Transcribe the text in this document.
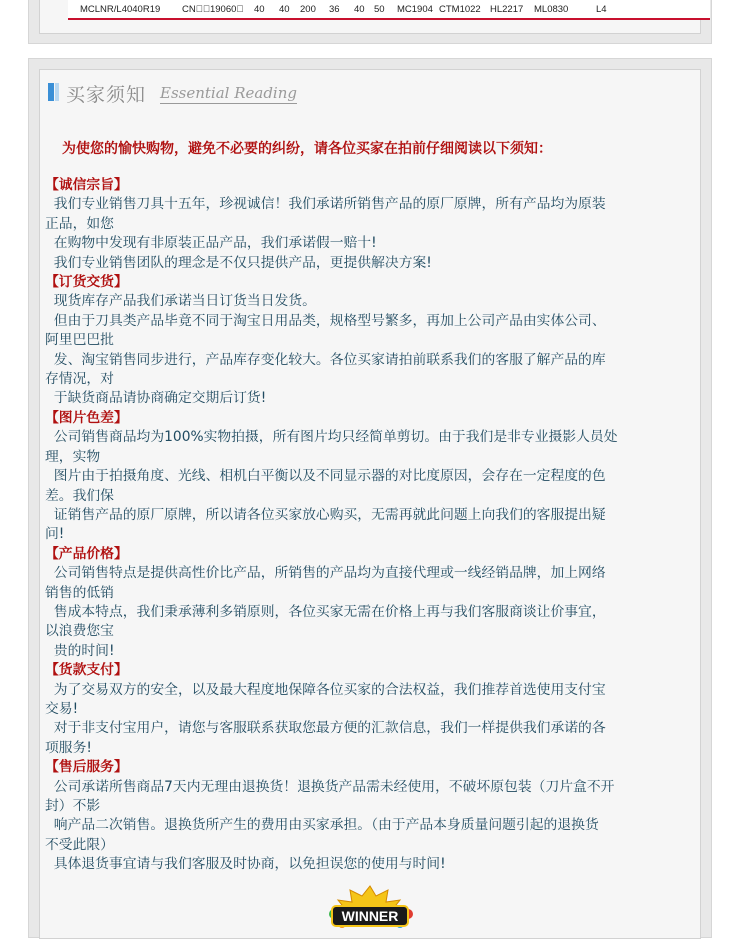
MCLNR/L4040R19 CN  19060  40 40 200 36 40 50 MC1904 CTM1022 HL2217 ML0830	L4
买家须知 Essential Reading
为使您的愉快购物，避免不必要的纠纷，请各位买家在拍前仔细阅读以下须知：
【诚信宗旨】
我们专业销售刀具十五年，珍视诚信！我们承诺所销售产品的原厂原牌，所有产品均为原装
正品，如您
在购物中发现有非原装正品产品，我们承诺假一赔十!
我们专业销售团队的理念是不仅只提供产品，更提供解决方案!
【订货交货】
现货库存产品我们承诺当日订货当日发货。
但由于刀具类产品毕竟不同于淘宝日用品类，规格型号繁多，再加上公司产品由实体公司、
阿里巴巴批
发、淘宝销售同步进行，产品库存变化较大。各位买家请拍前联系我们的客服了解产品的库
存情况，对
于缺货商品请协商确定交期后订货!
【图片色差】
公司销售商品均为100%实物拍摄，所有图片均只经简单剪切。由于我们是非专业摄影人员处
理，实物
图片由于拍摄角度、光线、相机白平衡以及不同显示器的对比度原因，会存在一定程度的色
差。我们保
证销售产品的原厂原牌，所以请各位买家放心购买，无需再就此问题上向我们的客服提出疑
问!
【产品价格】
公司销售特点是提供高性价比产品，所销售的产品均为直接代理或一线经销品牌，加上网络
销售的低销
售成本特点，我们秉承薄利多销原则，各位买家无需在价格上再与我们客服商谈让价事宜，
以浪费您宝
贵的时间!
【货款支付】
为了交易双方的安全，以及最大程度地保障各位买家的合法权益，我们推荐首选使用支付宝
交易!
对于非支付宝用户，请您与客服联系获取您最方便的汇款信息，我们一样提供我们承诺的各
项服务!
【售后服务】
公司承诺所售商品7天内无理由退换货！退换货产品需未经使用，不破坏原包装（刀片盒不开
封）不影
响产品二次销售。退换货所产生的费用由买家承担。（由于产品本身质量问题引起的退换货
不受此限）
具体退货事宜请与我们客服及时协商，以免担误您的使用与时间!
WINNER
